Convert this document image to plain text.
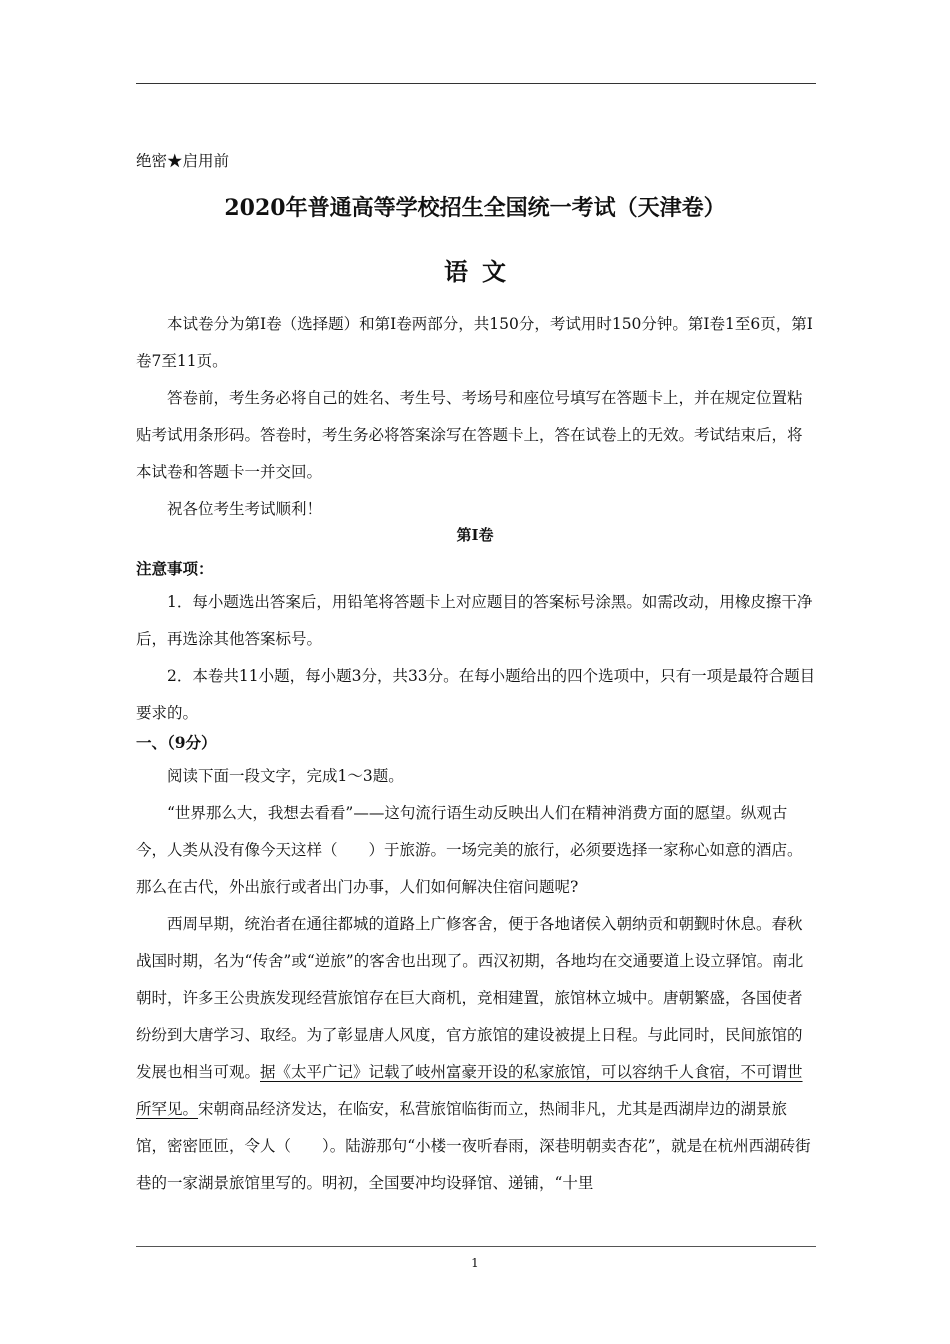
绝密★启用前
2020年普通高等学校招生全国统一考试（天津卷）
语文

本试卷分为第I卷（选择题）和第I卷两部分，共150分，考试用时150分钟。第I卷1至6页，第I卷7至11页。

答卷前，考生务必将自己的姓名、考生号、考场号和座位号填写在答题卡上，并在规定位置粘贴考试用条形码。答卷时，考生务必将答案涂写在答题卡上，答在试卷上的无效。考试结束后，将本试卷和答题卡一并交回。

祝各位考生考试顺利！

第I卷

注意事项：

1．每小题选出答案后，用铅笔将答题卡上对应题目的答案标号涂黑。如需改动，用橡皮擦干净后，再选涂其他答案标号。

2．本卷共11小题，每小题3分，共33分。在每小题给出的四个选项中，只有一项是最符合题目要求的。

一、（9分）

阅读下面一段文字，完成1～3题。

“世界那么大，我想去看看”——这句流行语生动反映出人们在精神消费方面的愿望。纵观古今，人类从没有像今天这样（　　）于旅游。一场完美的旅行，必须要选择一家称心如意的酒店。那么在古代，外出旅行或者出门办事，人们如何解决住宿问题呢?

西周早期，统治者在通往都城的道路上广修客舍，便于各地诸侯入朝纳贡和朝觐时休息。春秋战国时期，名为“传舍”或“逆旅”的客舍也出现了。西汉初期，各地均在交通要道上设立驿馆。南北朝时，许多王公贵族发现经营旅馆存在巨大商机，竞相建置，旅馆林立城中。唐朝繁盛，各国使者纷纷到大唐学习、取经。为了彰显唐人风度，官方旅馆的建设被提上日程。与此同时，民间旅馆的发展也相当可观。据《太平广记》记载了岐州富豪开设的私家旅馆，可以容纳千人食宿，不可谓世所罕见。宋朝商品经济发达，在临安，私营旅馆临街而立，热闹非凡，尤其是西湖岸边的湖景旅馆，密密匝匝，令人（　　）。陆游那句“小楼一夜听春雨，深巷明朝卖杏花”，就是在杭州西湖砖街巷的一家湖景旅馆里写的。明初，全国要冲均设驿馆、递铺，“十里

1
